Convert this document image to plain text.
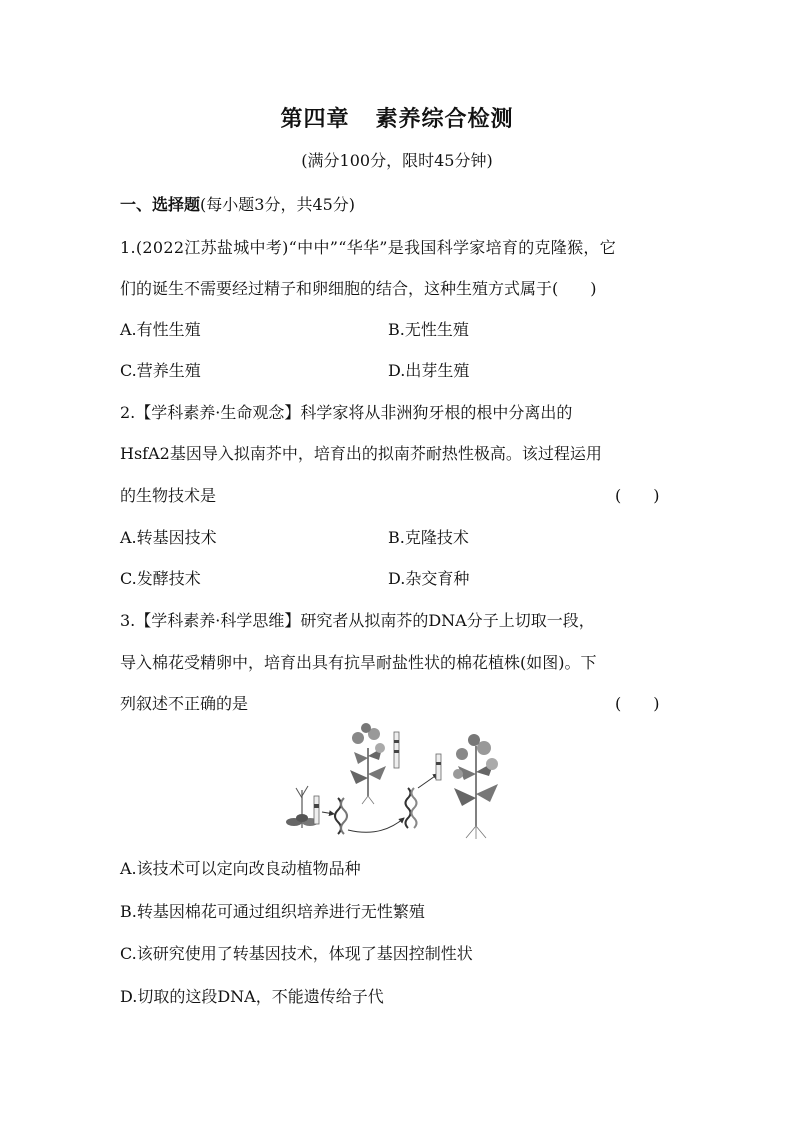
第四章 素养综合检测
(满分100分，限时45分钟)
一、选择题(每小题3分，共45分)
1.(2022江苏盐城中考)“中中”“华华”是我国科学家培育的克隆猴，它
们的诞生不需要经过精子和卵细胞的结合，这种生殖方式属于(　　)
A.有性生殖	B.无性生殖
C.营养生殖	D.出芽生殖
2.【学科素养·生命观念】科学家将从非洲狗牙根的根中分离出的
HsfA2基因导入拟南芥中，培育出的拟南芥耐热性极高。该过程运用
的生物技术是	(　　)
A.转基因技术	B.克隆技术
C.发酵技术	D.杂交育种
3.【学科素养·科学思维】研究者从拟南芥的DNA分子上切取一段，
导入棉花受精卵中，培育出具有抗旱耐盐性状的棉花植株(如图)。下
列叙述不正确的是	(　　)
A.该技术可以定向改良动植物品种
B.转基因棉花可通过组织培养进行无性繁殖
C.该研究使用了转基因技术，体现了基因控制性状
D.切取的这段DNA，不能遗传给子代
